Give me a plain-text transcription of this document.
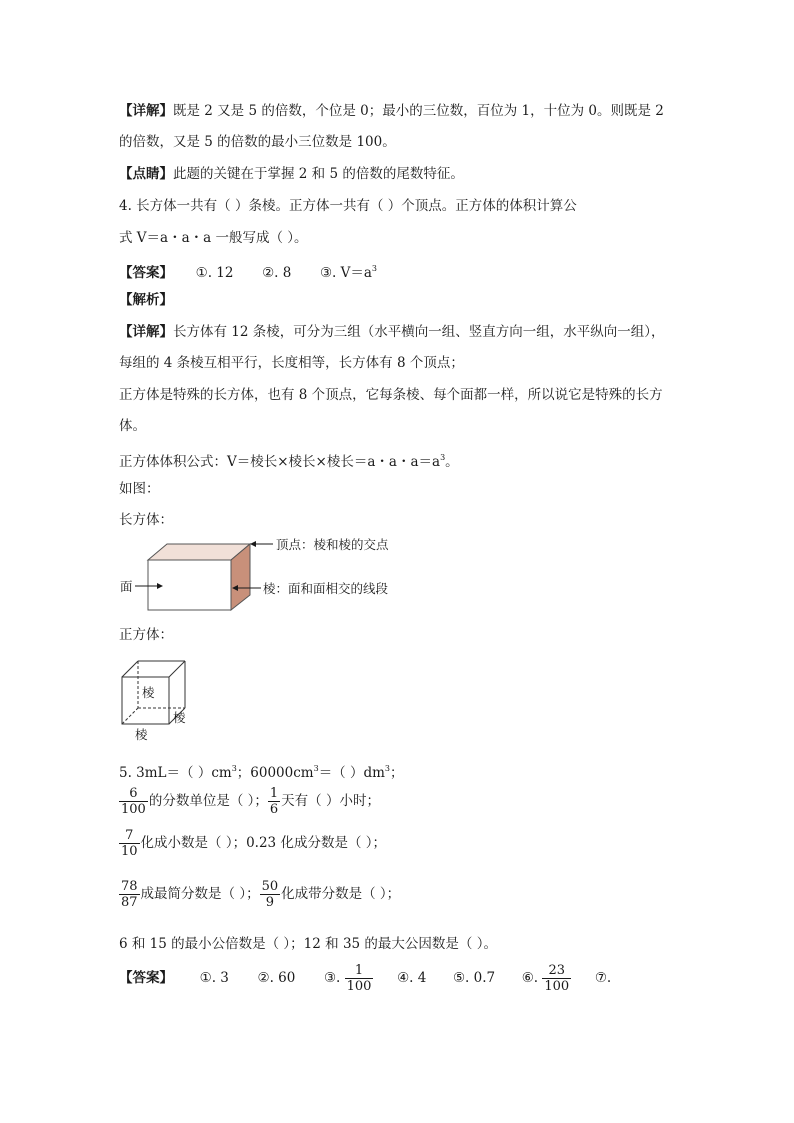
【详解】既是 2 又是 5 的倍数，个位是 0；最小的三位数，百位为 1，十位为 0。则既是 2
的倍数，又是 5 的倍数的最小三位数是 100。
【点睛】此题的关键在于掌握 2 和 5 的倍数的尾数特征。
4. 长方体一共有（ ）条棱。正方体一共有（ ）个顶点。正方体的体积计算公
式 V＝a・a・a 一般写成（ ）。
【答案】 ①. 12 ②. 8 ③. $V=a^3$
【解析】
【详解】长方体有 12 条棱，可分为三组（水平横向一组、竖直方向一组，水平纵向一组），
每组的 4 条棱互相平行，长度相等，长方体有 8 个顶点；
正方体是特殊的长方体，也有 8 个顶点，它每条棱、每个面都一样，所以说它是特殊的长方
体。
正方体体积公式：V＝棱长×棱长×棱长＝a・a・$a=a^3$。
如图：
长方体：
顶点：棱和棱的交点
面	棱：面和面相交的线段
正方体：
棱
棱
棱
5. 3mL＝（ ）$cm^3$；$60000cm^3=$（ ）$dm^3$；
$\frac{6}{100}$ 的分数单位是（ ）； $\frac{1}{6}$ 天有（ ）小时；
$\frac{7}{10}$ 化成小数是（ ）；0.23 化成分数是（ ）；
$\frac{78}{87}$ 成最简分数是（ ）； $\frac{50}{9}$ 化成带分数是（ ）；
6 和 15 的最小公倍数是（ ）；12 和 35 的最大公因数是（ ）。
【答案】 ①. 3 ②. 60 ③. $\frac{1}{100}$ ④. 4 ⑤. 0.7 ⑥. $\frac{23}{100}$ ⑦.
